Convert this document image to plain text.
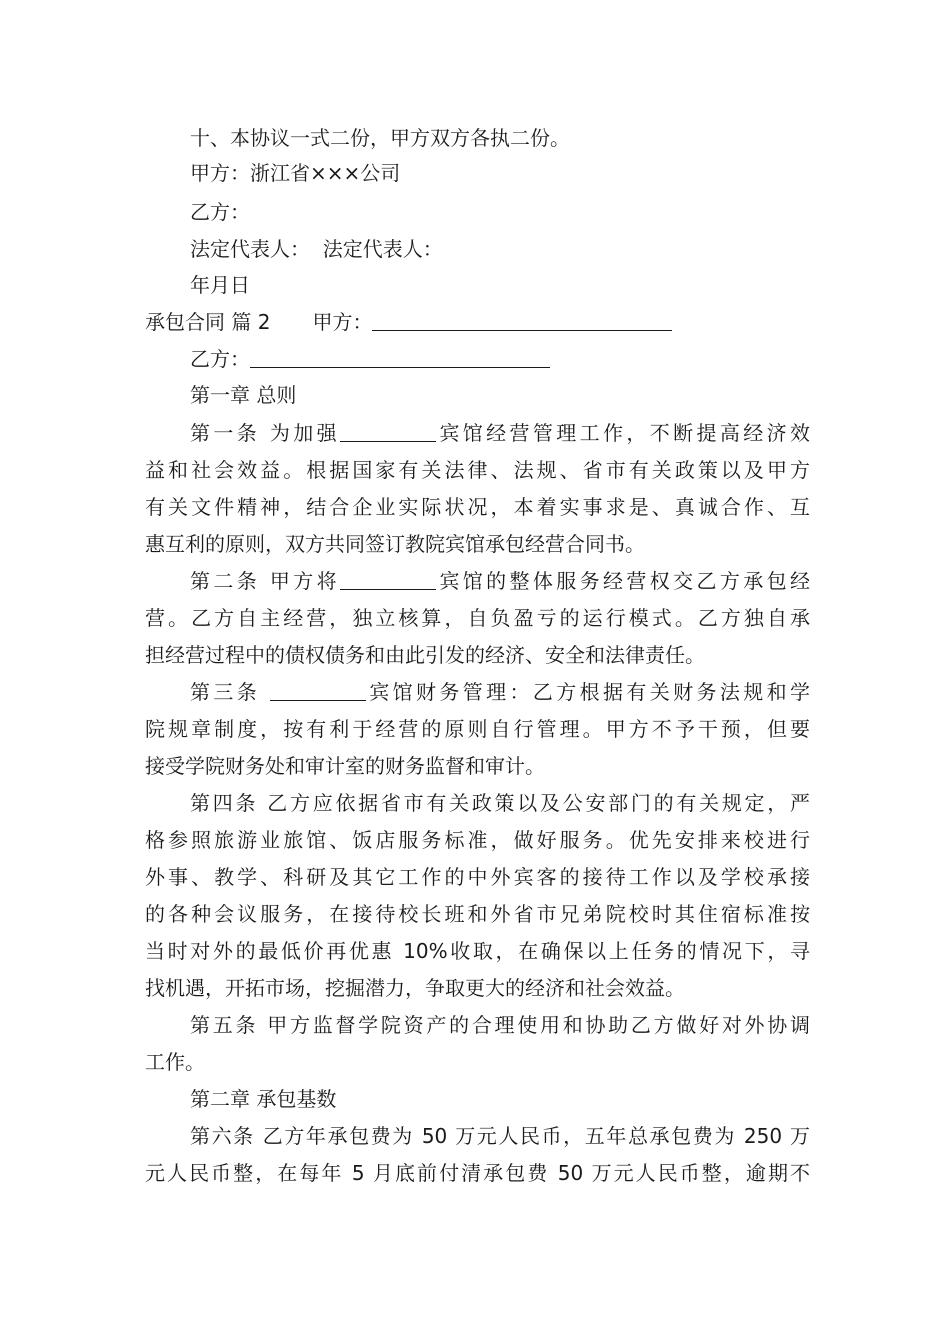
十、本协议一式二份，甲方双方各执二份。
甲方：浙江省×××公司
乙方：
法定代表人：  法定代表人：
年月日
承包合同 篇 2 甲方：
乙方：
第一章 总则
第一条 为加强	宾馆经营管理工作，不断提高经济效
益和社会效益。根据国家有关法律、法规、省市有关政策以及甲方
有关文件精神，结合企业实际状况，本着实事求是、真诚合作、互
惠互利的原则，双方共同签订教院宾馆承包经营合同书。
第二条 甲方将	宾馆的整体服务经营权交乙方承包经
营。乙方自主经营，独立核算，自负盈亏的运行模式。乙方独自承
担经营过程中的债权债务和由此引发的经济、安全和法律责任。
第三条	宾馆财务管理：乙方根据有关财务法规和学
院规章制度，按有利于经营的原则自行管理。甲方不予干预，但要
接受学院财务处和审计室的财务监督和审计。
第四条 乙方应依据省市有关政策以及公安部门的有关规定，严
格参照旅游业旅馆、饭店服务标准，做好服务。优先安排来校进行
外事、教学、科研及其它工作的中外宾客的接待工作以及学校承接
的各种会议服务，在接待校长班和外省市兄弟院校时其住宿标准按
当时对外的最低价再优惠 10%收取，在确保以上任务的情况下，寻
找机遇，开拓市场，挖掘潜力，争取更大的经济和社会效益。
第五条 甲方监督学院资产的合理使用和协助乙方做好对外协调
工作。
第二章 承包基数
第六条 乙方年承包费为 50 万元人民币，五年总承包费为 250 万
元人民币整，在每年 5 月底前付清承包费 50 万元人民币整，逾期不
